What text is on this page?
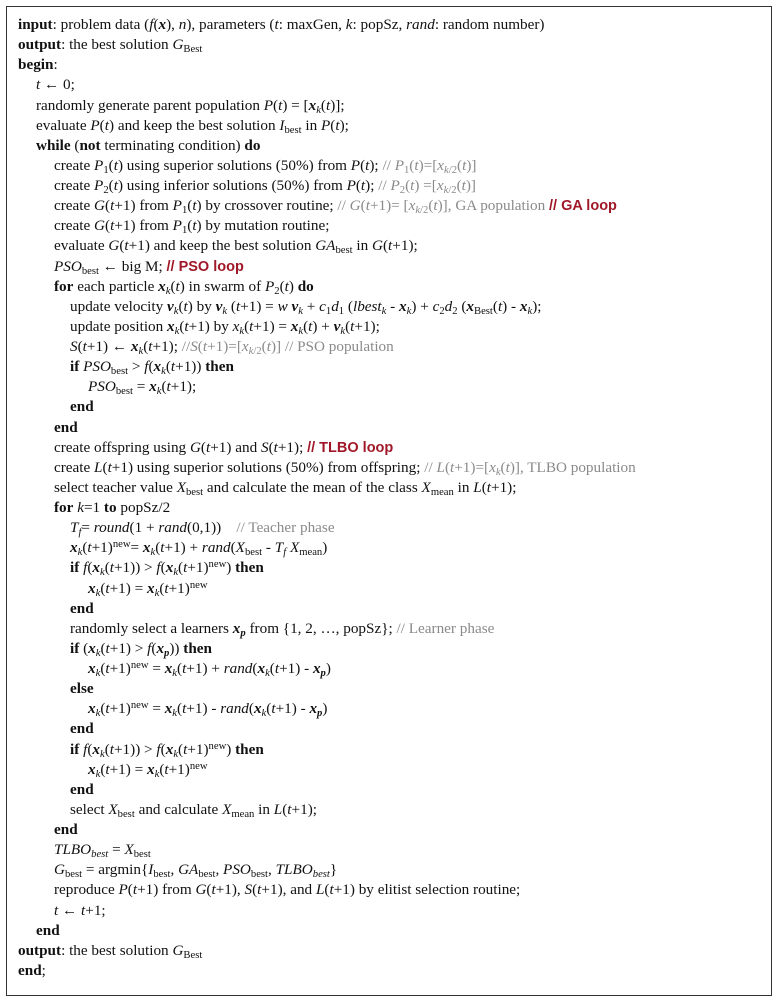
input: problem data (f(x), n), parameters (t: maxGen, k: popSz, rand: random number)
output: the best solution $G_{Best}$
begin:
t ← 0;
randomly generate parent population $P(t) = [x_k(t)]$;
evaluate P(t) and keep the best solution $I_{best}$ in P(t);
while (not terminating condition) do
create $P_1(t)$ using superior solutions (50%) from P(t); // $P_1(t)=[x_{k/2}(t)]$
create $P_2(t)$ using inferior solutions (50%) from P(t); // $P_2(t) =[x_{k/2}(t)]$
create G(t+1) from $P_1(t)$ by crossover routine; // $G(t+1)= [x_{k/2}(t)]$, GA population // GA loop
create G(t+1) from $P_1(t)$ by mutation routine;
evaluate G(t+1) and keep the best solution $GA_{best}$ in G(t+1);
$PSO_{best}$ ← big M; // PSO loop
for each particle $x_k(t)$ in swarm of $P_2(t)$ do
update velocity $v_k(t)$ by $v_k$ (t+1) = w $v_k + c_1d_1$ (lbest$_k$ - $x_k) + c_2d_2$ $(x_{Best}(t) - x_k)$;
update position $x_k(t+1)$ by $x_k(t+1) = x_k(t) + v_k(t+1)$;
S(t+1) ← $x_k(t+1)$; $//S(t+1)=[x_{k/2}(t)]$ // PSO population
if $PSO_{best} > f(x_k(t+1))$ then
$PSO_{best} = x_k(t+1)$;
end
end
create offspring using G(t+1) and S(t+1); // TLBO loop
create L(t+1) using superior solutions (50%) from offspring; // $L(t+1)=[x_k(t)]$, TLBO population
select teacher value $X_{best}$ and calculate the mean of the class $X_{mean}$ in L(t+1);
for k=1 to popSz/2
$T_f=$ round(1 + rand(0,1))    // Teacher phase
$x_k(t+1)^{new}= x_k(t+1)$ + $rand(X_{best} - T_f$ $X_{mean}$)
if $f(x_k(t+1)) > f(x_k(t+1)^{new})$ then
$x_k(t+1) = x_k(t+1)^{new}$
end
randomly select a learners $x_p$ from {1, 2, …, popSz}; // Learner phase
if $(x_k(t+1) > f(x_p))$ then
$x_k(t+1)^{new} = x_k(t+1)$ + $rand(x_k(t+1) - x_p)$
else
$x_k(t+1)^{new} = x_k(t+1)$ - $rand(x_k(t+1) - x_p)$
end
if $f(x_k(t+1)) > f(x_k(t+1)^{new})$ then
$x_k(t+1) = x_k(t+1)^{new}$
end
select $X_{best}$ and calculate $X_{mean}$ in L(t+1);
end
$TLBO_{best} = X_{best}$
$G_{best} = argmin\{I_{best}$, $GA_{best}$, $PSO_{best}$, $TLBO_{best}$}
reproduce P(t+1) from G(t+1), S(t+1), and L(t+1) by elitist selection routine;
t ← t+1;
end
output: the best solution $G_{Best}$
end;
